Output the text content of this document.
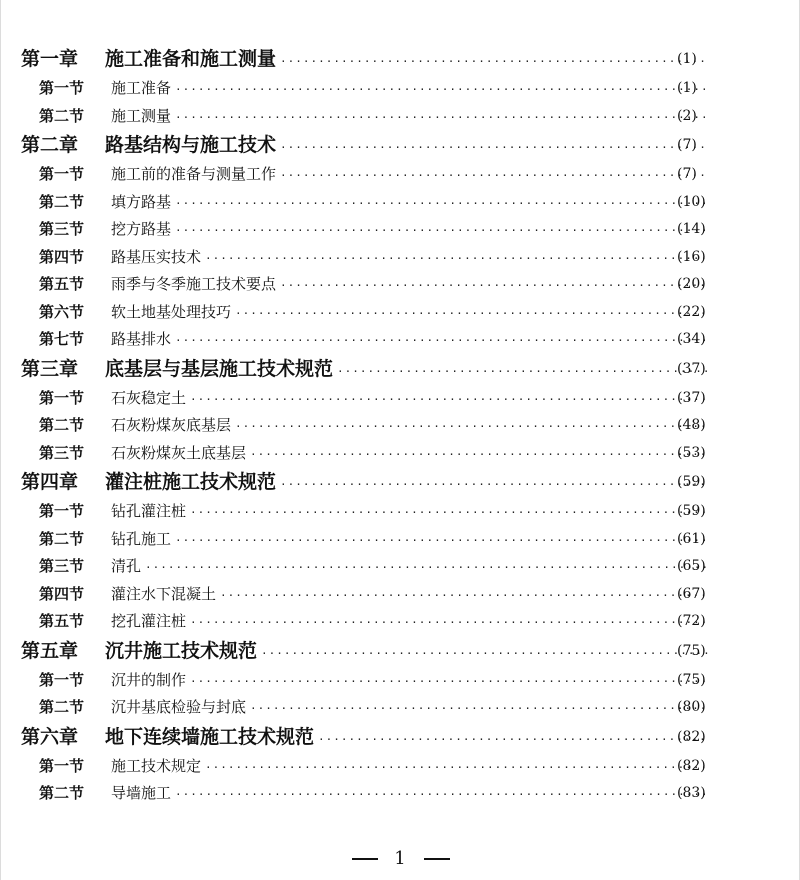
第一章	施工准备和施工测量 ·····	(1)
第一节	施工准备 ·····	(1)
第二节	施工测量 ·····	(2)
第二章	路基结构与施工技术 ·····	(7)
第一节	施工前的准备与测量工作 ·····	(7)
第二节	填方路基 ·····	(10)
第三节	挖方路基 ·····	(14)
第四节	路基压实技术 ·····	(16)
第五节	雨季与冬季施工技术要点 ·····	(20)
第六节	软土地基处理技巧 ·····	(22)
第七节	路基排水 ·····	(34)
第三章	底基层与基层施工技术规范 ·····	(37)
第一节	石灰稳定土 ·····	(37)
第二节	石灰粉煤灰底基层 ·····	(48)
第三节	石灰粉煤灰土底基层 ·····	(53)
第四章	灌注桩施工技术规范 ·····	(59)
第一节	钻孔灌注桩 ·····	(59)
第二节	钻孔施工 ·····	(61)
第三节	清孔 ·····	(65)
第四节	灌注水下混凝土 ·····	(67)
第五节	挖孔灌注桩 ·····	(72)
第五章	沉井施工技术规范 ·····	(75)
第一节	沉井的制作 ·····	(75)
第二节	沉井基底检验与封底 ·····	(80)
第六章	地下连续墙施工技术规范 ·····	(82)
第一节	施工技术规定 ·····	(82)
第二节	导墙施工 ·····	(83)
1
